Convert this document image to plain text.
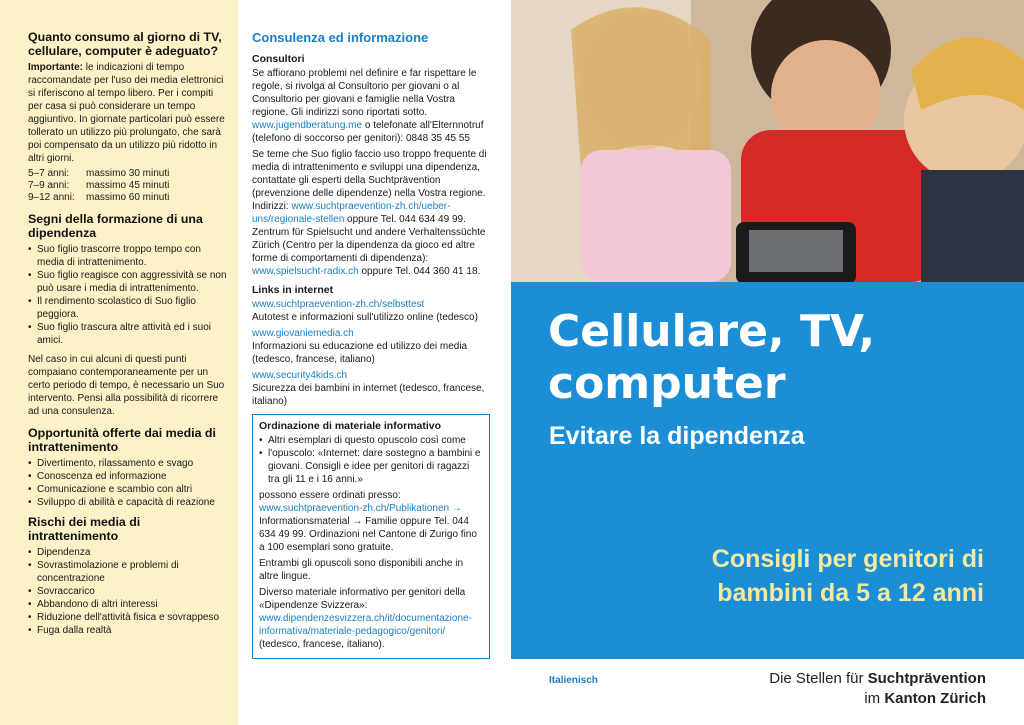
Quanto consumo al giorno di TV, cellulare, computer è adeguato?

Importante: le indicazioni di tempo raccomandate per l'uso dei media elettronici si riferiscono al tempo libero. Per i compiti per casa si può considerare un tempo aggiuntivo. In giornate particolari può essere tollerato un utilizzo più prolungato, che sarà poi compensato da un utilizzo più ridotto in altri giorni.

5–7 anni:	massimo 30 minuti
7–9 anni:	massimo 45 minuti
9–12 anni:	massimo 60 minuti
Segni della formazione di una dipendenza
• Suo figlio trascorre troppo tempo con media di intrattenimento.
• Suo figlio reagisce con aggressività se non può usare i media di intrattenimento.
• Il rendimento scolastico di Suo figlio peggiora.
• Suo figlio trascura altre attività ed i suoi amici.

Nel caso in cui alcuni di questi punti compaiano contemporaneamente per un certo periodo di tempo, è necessario un Suo intervento. Pensi alla possibilità di ricorrere ad una consulenza.

Opportunità offerte dai media di intrattenimento
• Divertimento, rilassamento e svago
• Conoscenza ed informazione
• Comunicazione e scambio con altri
• Sviluppo di abilità e capacità di reazione
Rischi dei media di intrattenimento
• Dipendenza
• Sovrastimolazione e problemi di concentrazione
• Sovraccarico
• Abbandono di altri interessi
• Riduzione dell'attività fisica e sovrappeso
• Fuga dalla realtà
Consulenza ed informazione
Consultori

Se affiorano problemi nel definire e far rispettare le regole, si rivolga al Consultorio per giovani o al Consultorio per giovani e famiglie nella Vostra regione. Gli indirizzi sono riportati sotto. www.jugendberatung.me o telefonate all'Elternnotruf (telefono di soccorso per genitori): 0848 35 45 55

Se teme che Suo figlio faccio uso troppo frequente di media di intrattenimento e sviluppi una dipendenza, contattate gli esperti della Suchtprävention (prevenzione delle dipendenze) nella Vostra regione. Indirizzi: www.suchtpraevention-zh.ch/ueber-uns/regionale-stellen oppure Tel. 044 634 49 99.
Zentrum für Spielsucht und andere Verhaltenssüchte Zürich (Centro per la dipendenza da gioco ed altre forme di comportamenti di dipendenza): www.spielsucht-radix.ch oppure Tel. 044 360 41 18.

Links in internet

www.suchtpraevention-zh.ch/selbsttest
Autotest e informazioni sull'utilizzo online (tedesco)

www.giovaniemedia.ch
Informazioni su educazione ed utilizzo dei media (tedesco, francese, italiano)

www.security4kids.ch
Sicurezza dei bambini in internet (tedesco, francese, italiano)

Ordinazione di materiale informativo
• Altri esemplari di questo opuscolo così come
• l'opuscolo: «Internet: dare sostegno a bambini e giovani. Consigli e idee per genitori di ragazzi tra gli 11 e i 16 anni.»

possono essere ordinati presso:

www.suchtpraevention-zh.ch/Publikationen →
Informationsmaterial → Familie oppure Tel. 044 634 49 99. Ordinazioni nel Cantone di Zurigo fino a 100 esemplari sono gratuite.

Entrambi gli opuscoli sono disponibili anche in altre lingue.

Diverso materiale informativo per genitori della «Dipendenze Svizzera»:
www.dipendenzesvizzera.ch/it/documentazione-informativa/materiale-pedagogico/genitori/
(tedesco, francese, italiano).

Cellulare, TV,
computer
Evitare la dipendenza

Consigli per genitori di
bambini da 5 a 12 anni

Italienisch	Die Stellen für Suchtprävention
im Kanton Zürich
